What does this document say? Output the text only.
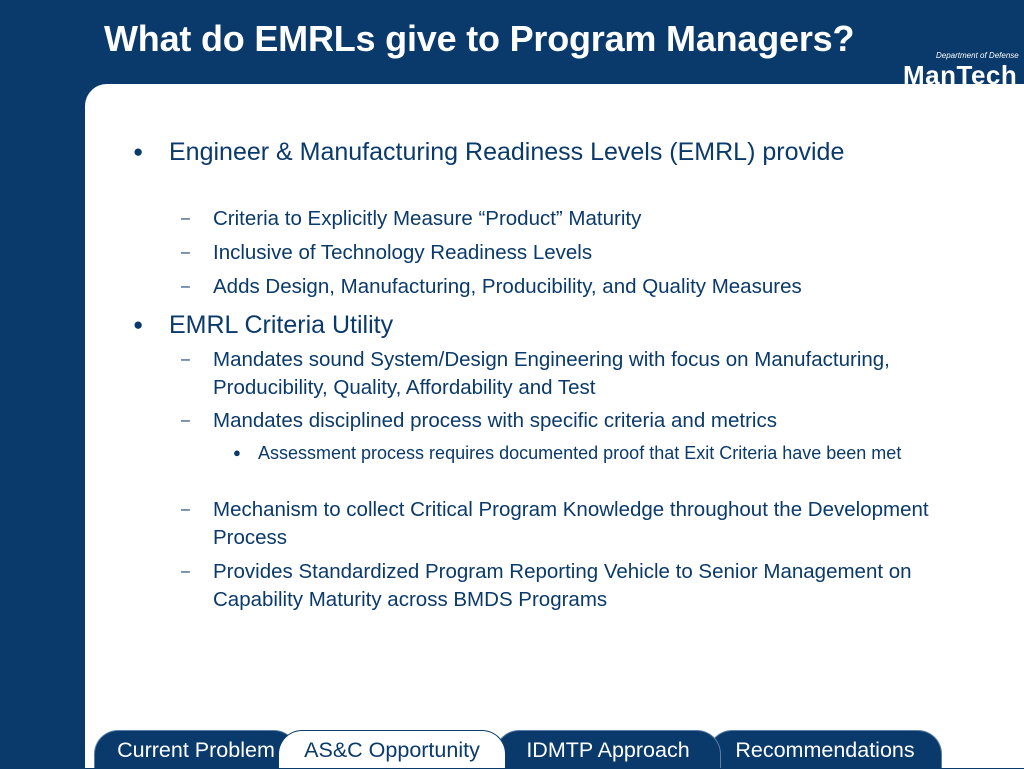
What do EMRLs give to Program Managers?	Department of Defense
ManTech
● Engineer & Manufacturing Readiness Levels (EMRL) provide
– Criteria to Explicitly Measure “Product” Maturity
– Inclusive of Technology Readiness Levels
– Adds Design, Manufacturing, Producibility, and Quality Measures
● EMRL Criteria Utility
– Mandates sound System/Design Engineering with focus on Manufacturing, Producibility, Quality, Affordability and Test
– Mandates disciplined process with specific criteria and metrics
● Assessment process requires documented proof that Exit Criteria have been met
– Mechanism to collect Critical Program Knowledge throughout the Development Process
– Provides Standardized Program Reporting Vehicle to Senior Management on Capability Maturity across BMDS Programs
Current Problem	Recommendations
IDMTP Approach
AS&C Opportunity
